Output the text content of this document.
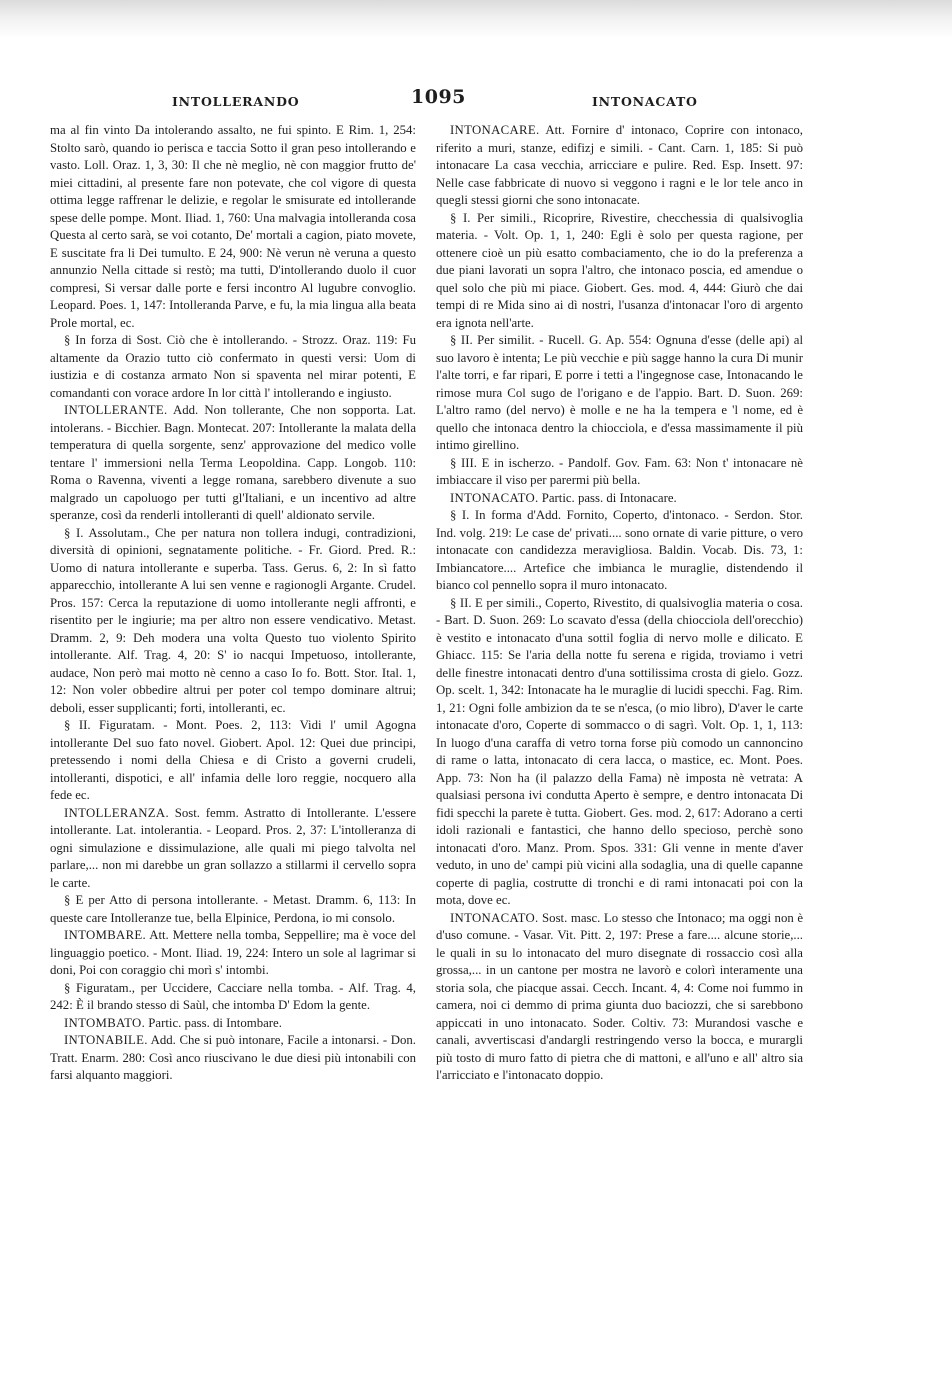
INTOLLERANDO	1095	INTONACATO

ma al fin vinto Da intolerando assalto, ne fui spinto. E Rim. 1, 254: Stolto sarò, quando io perisca e taccia Sotto il gran peso intollerando e vasto. Loll. Oraz. 1, 3, 30: Il che nè meglio, nè con maggior frutto de' miei cittadini, al presente fare non potevate, che col vigore di questa ottima legge raffrenar le delizie, e regolar le smisurate ed intollerande spese delle pompe. Mont. Iliad. 1, 760: Una malvagia intolleranda cosa Questa al certo sarà, se voi cotanto, De' mortali a cagion, piato movete, E suscitate fra li Dei tumulto. E 24, 900: Nè verun nè veruna a questo annunzio Nella cittade si restò; ma tutti, D'intollerando duolo il cuor compresi, Si versar dalle porte e fersi incontro Al lugubre convoglio. Leopard. Poes. 1, 147: Intolleranda Parve, e fu, la mia lingua alla beata Prole mortal, ec.

§ In forza di Sost. Ciò che è intollerando. - Strozz. Oraz. 119: Fu altamente da Orazio tutto ciò confermato in questi versi: Uom di iustizia e di costanza armato Non si spaventa nel mirar potenti, E comandanti con vorace ardore In lor città l' intollerando e ingiusto.

INTOLLERANTE. Add. Non tollerante, Che non sopporta. Lat. intolerans. - Bicchier. Bagn. Montecat. 207: Intollerante la malata della temperatura di quella sorgente, senz' approvazione del medico volle tentare l' immersioni nella Terma Leopoldina. Capp. Longob. 110: Roma o Ravenna, viventi a legge romana, sarebbero divenute a suo malgrado un capoluogo per tutti gl'Italiani, e un incentivo ad altre speranze, così da renderli intolleranti di quell' aldionato servile.

§ I. Assolutam., Che per natura non tollera indugi, contradizioni, diversità di opinioni, segnatamente politiche. - Fr. Giord. Pred. R.: Uomo di natura intollerante e superba. Tass. Gerus. 6, 2: In sì fatto apparecchio, intollerante A lui sen venne e ragionogli Argante. Crudel. Pros. 157: Cerca la reputazione di uomo intollerante negli affronti, e risentito per le ingiurie; ma per altro non essere vendicativo. Metast. Dramm. 2, 9: Deh modera una volta Questo tuo violento Spirito intollerante. Alf. Trag. 4, 20: S' io nacqui Impetuoso, intollerante, audace, Non però mai motto nè cenno a caso Io fo. Bott. Stor. Ital. 1, 12: Non voler obbedire altrui per poter col tempo dominare altrui; deboli, esser supplicanti; forti, intolleranti, ec.

§ II. Figuratam. - Mont. Poes. 2, 113: Vidi l' umil Agogna intollerante Del suo fato novel. Giobert. Apol. 12: Quei due principi, pretessendo i nomi della Chiesa e di Cristo a governi crudeli, intolleranti, dispotici, e all' infamia delle loro reggie, nocquero alla fede ec.

INTOLLERANZA. Sost. femm. Astratto di Intollerante. L'essere intollerante. Lat. intolerantia. - Leopard. Pros. 2, 37: L'intolleranza di ogni simulazione e dissimulazione, alle quali mi piego talvolta nel parlare,... non mi darebbe un gran sollazzo a stillarmi il cervello sopra le carte.

§ E per Atto di persona intollerante. - Metast. Dramm. 6, 113: In queste care Intolleranze tue, bella Elpinice, Perdona, io mi consolo.

INTOMBARE. Att. Mettere nella tomba, Seppellire; ma è voce del linguaggio poetico. - Mont. Iliad. 19, 224: Intero un sole al lagrimar si doni, Poi con coraggio chi morì s' intombi.

§ Figuratam., per Uccidere, Cacciare nella tomba. - Alf. Trag. 4, 242: È il brando stesso di Saùl, che intomba D' Edom la gente.

INTOMBATO. Partic. pass. di Intombare.

INTONABILE. Add. Che si può intonare, Facile a intonarsi. - Don. Tratt. Enarm. 280: Così anco riuscivano le due diesi più intonabili con farsi alquanto maggiori.

INTONACARE. Att. Fornire d' intonaco, Coprire con intonaco, riferito a muri, stanze, edifizj e simili. - Cant. Carn. 1, 185: Si può intonacare La casa vecchia, arricciare e pulire. Red. Esp. Insett. 97: Nelle case fabbricate di nuovo si veggono i ragni e le lor tele anco in quegli stessi giorni che sono intonacate.

§ I. Per simili., Ricoprire, Rivestire, checchessia di qualsivoglia materia. - Volt. Op. 1, 1, 240: Egli è solo per questa ragione, per ottenere cioè un più esatto combaciamento, che io do la preferenza a due piani lavorati un sopra l'altro, che intonaco poscia, ed amendue o quel solo che più mi piace. Giobert. Ges. mod. 4, 444: Giurò che dai tempi di re Mida sino ai dì nostri, l'usanza d'intonacar l'oro di argento era ignota nell'arte.

§ II. Per similit. - Rucell. G. Ap. 554: Ognuna d'esse (delle api) al suo lavoro è intenta; Le più vecchie e più sagge hanno la cura Di munir l'alte torri, e far ripari, E porre i tetti a l'ingegnose case, Intonacando le rimose mura Col sugo de l'origano e de l'appio. Bart. D. Suon. 269: L'altro ramo (del nervo) è molle e ne ha la tempera e 'l nome, ed è quello che intonaca dentro la chiocciola, e d'essa massimamente il più intimo girellino.

§ III. E in ischerzo. - Pandolf. Gov. Fam. 63: Non t' intonacare nè imbiaccare il viso per parermi più bella.

INTONACATO. Partic. pass. di Intonacare.

§ I. In forma d'Add. Fornito, Coperto, d'intonaco. - Serdon. Stor. Ind. volg. 219: Le case de' privati.... sono ornate di varie pitture, o vero intonacate con candidezza meravigliosa. Baldin. Vocab. Dis. 73, 1: Imbiancatore.... Artefice che imbianca le muraglie, distendendo il bianco col pennello sopra il muro intonacato.

§ II. E per simili., Coperto, Rivestito, di qualsivoglia materia o cosa. - Bart. D. Suon. 269: Lo scavato d'essa (della chiocciola dell'orecchio) è vestito e intonacato d'una sottil foglia di nervo molle e dilicato. E Ghiacc. 115: Se l'aria della notte fu serena e rigida, troviamo i vetri delle finestre intonacati dentro d'una sottilissima crosta di gielo. Gozz. Op. scelt. 1, 342: Intonacate ha le muraglie di lucidi specchi. Fag. Rim. 1, 21: Ogni folle ambizion da te se n'esca, (o mio libro), D'aver le carte intonacate d'oro, Coperte di sommacco o di sagrì. Volt. Op. 1, 1, 113: In luogo d'una caraffa di vetro torna forse più comodo un cannoncino di rame o latta, intonacato di cera lacca, o mastice, ec. Mont. Poes. App. 73: Non ha (il palazzo della Fama) nè imposta nè vetrata: A qualsiasi persona ivi condutta Aperto è sempre, e dentro intonacata Di fidi specchi la parete è tutta. Giobert. Ges. mod. 2, 617: Adorano a certi idoli razionali e fantastici, che hanno dello specioso, perchè sono intonacati d'oro. Manz. Prom. Spos. 331: Gli venne in mente d'aver veduto, in uno de' campi più vicini alla sodaglia, una di quelle capanne coperte di paglia, costrutte di tronchi e di rami intonacati poi con la mota, dove ec.

INTONACATO. Sost. masc. Lo stesso che Intonaco; ma oggi non è d'uso comune. - Vasar. Vit. Pitt. 2, 197: Prese a fare.... alcune storie,... le quali in su lo intonacato del muro disegnate di rossaccio così alla grossa,... in un cantone per mostra ne lavorò e colorì interamente una storia sola, che piacque assai. Cecch. Incant. 4, 4: Come noi fummo in camera, noi ci demmo di prima giunta duo baciozzi, che si sarebbono appiccati in uno intonacato. Soder. Coltiv. 73: Murandosi vasche e canali, avvertiscasi d'andargli restringendo verso la bocca, e murargli più tosto di muro fatto di pietra che di mattoni, e all'uno e all' altro sia l'arricciato e l'intonacato doppio.
